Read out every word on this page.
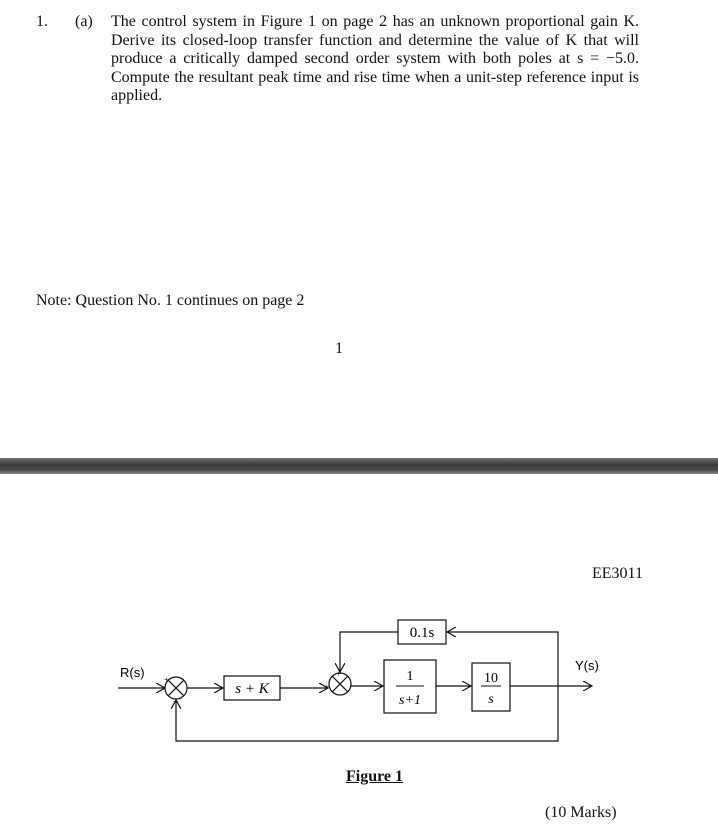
1. (a) The control system in Figure 1 on page 2 has an unknown proportional gain K.
Derive its closed-loop transfer function and determine the value of K that will
produce a critically damped second order system with both poles at s = −5.0.
Compute the resultant peak time and rise time when a unit-step reference input is
applied.
Note: Question No. 1 continues on page 2
1
EE3011
R(s) +
−
s + K	+
+	1
s+1
10
s
Y(s)
0.1s
Figure 1
(10 Marks)
